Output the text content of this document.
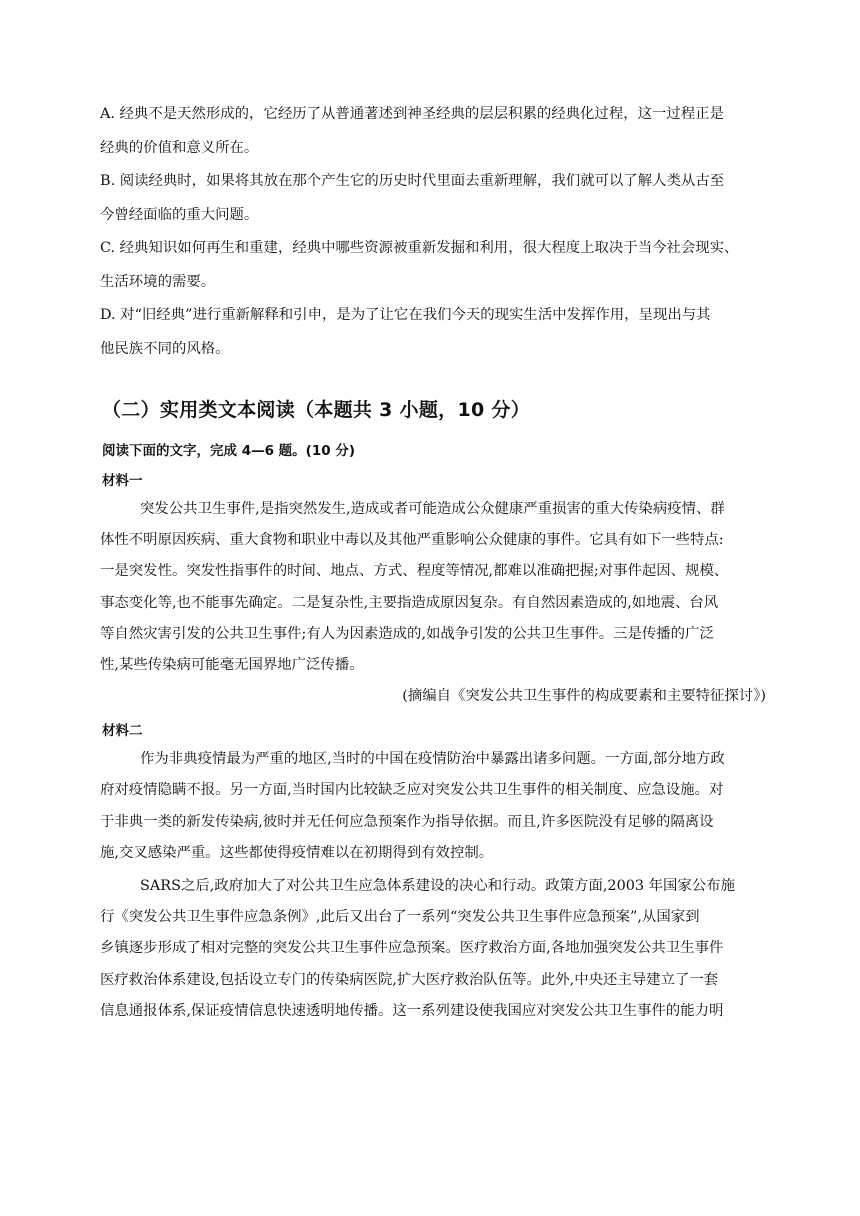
A. 经典不是天然形成的，它经历了从普通著述到神圣经典的层层积累的经典化过程，这一过程正是
经典的价值和意义所在。

B. 阅读经典时，如果将其放在那个产生它的历史时代里面去重新理解，我们就可以了解人类从古至
今曾经面临的重大问题。

C. 经典知识如何再生和重建，经典中哪些资源被重新发掘和利用，很大程度上取决于当今社会现实、
生活环境的需要。

D. 对“旧经典”进行重新解释和引申，是为了让它在我们今天的现实生活中发挥作用，呈现出与其
他民族不同的风格。

（二）实用类文本阅读（本题共 3 小题，10 分）
阅读下面的文字，完成 4—6 题。(10 分)
材料一

突发公共卫生事件,是指突然发生,造成或者可能造成公众健康严重损害的重大传染病疫情、群
体性不明原因疾病、重大食物和职业中毒以及其他严重影响公众健康的事件。它具有如下一些特点:
一是突发性。突发性指事件的时间、地点、方式、程度等情况,都难以准确把握;对事件起因、规模、
事态变化等,也不能事先确定。二是复杂性,主要指造成原因复杂。有自然因素造成的,如地震、台风
等自然灾害引发的公共卫生事件;有人为因素造成的,如战争引发的公共卫生事件。三是传播的广泛
性,某些传染病可能毫无国界地广泛传播。

(摘编自《突发公共卫生事件的构成要素和主要特征探讨》)

材料二

作为非典疫情最为严重的地区,当时的中国在疫情防治中暴露出诸多问题。一方面,部分地方政
府对疫情隐瞒不报。另一方面,当时国内比较缺乏应对突发公共卫生事件的相关制度、应急设施。对
于非典一类的新发传染病,彼时并无任何应急预案作为指导依据。而且,许多医院没有足够的隔离设
施,交叉感染严重。这些都使得疫情难以在初期得到有效控制。

SARS之后,政府加大了对公共卫生应急体系建设的决心和行动。政策方面,2003 年国家公布施
行《突发公共卫生事件应急条例》,此后又出台了一系列“突发公共卫生事件应急预案”,从国家到
乡镇逐步形成了相对完整的突发公共卫生事件应急预案。医疗救治方面,各地加强突发公共卫生事件
医疗救治体系建设,包括设立专门的传染病医院,扩大医疗救治队伍等。此外,中央还主导建立了一套
信息通报体系,保证疫情信息快速透明地传播。这一系列建设使我国应对突发公共卫生事件的能力明
